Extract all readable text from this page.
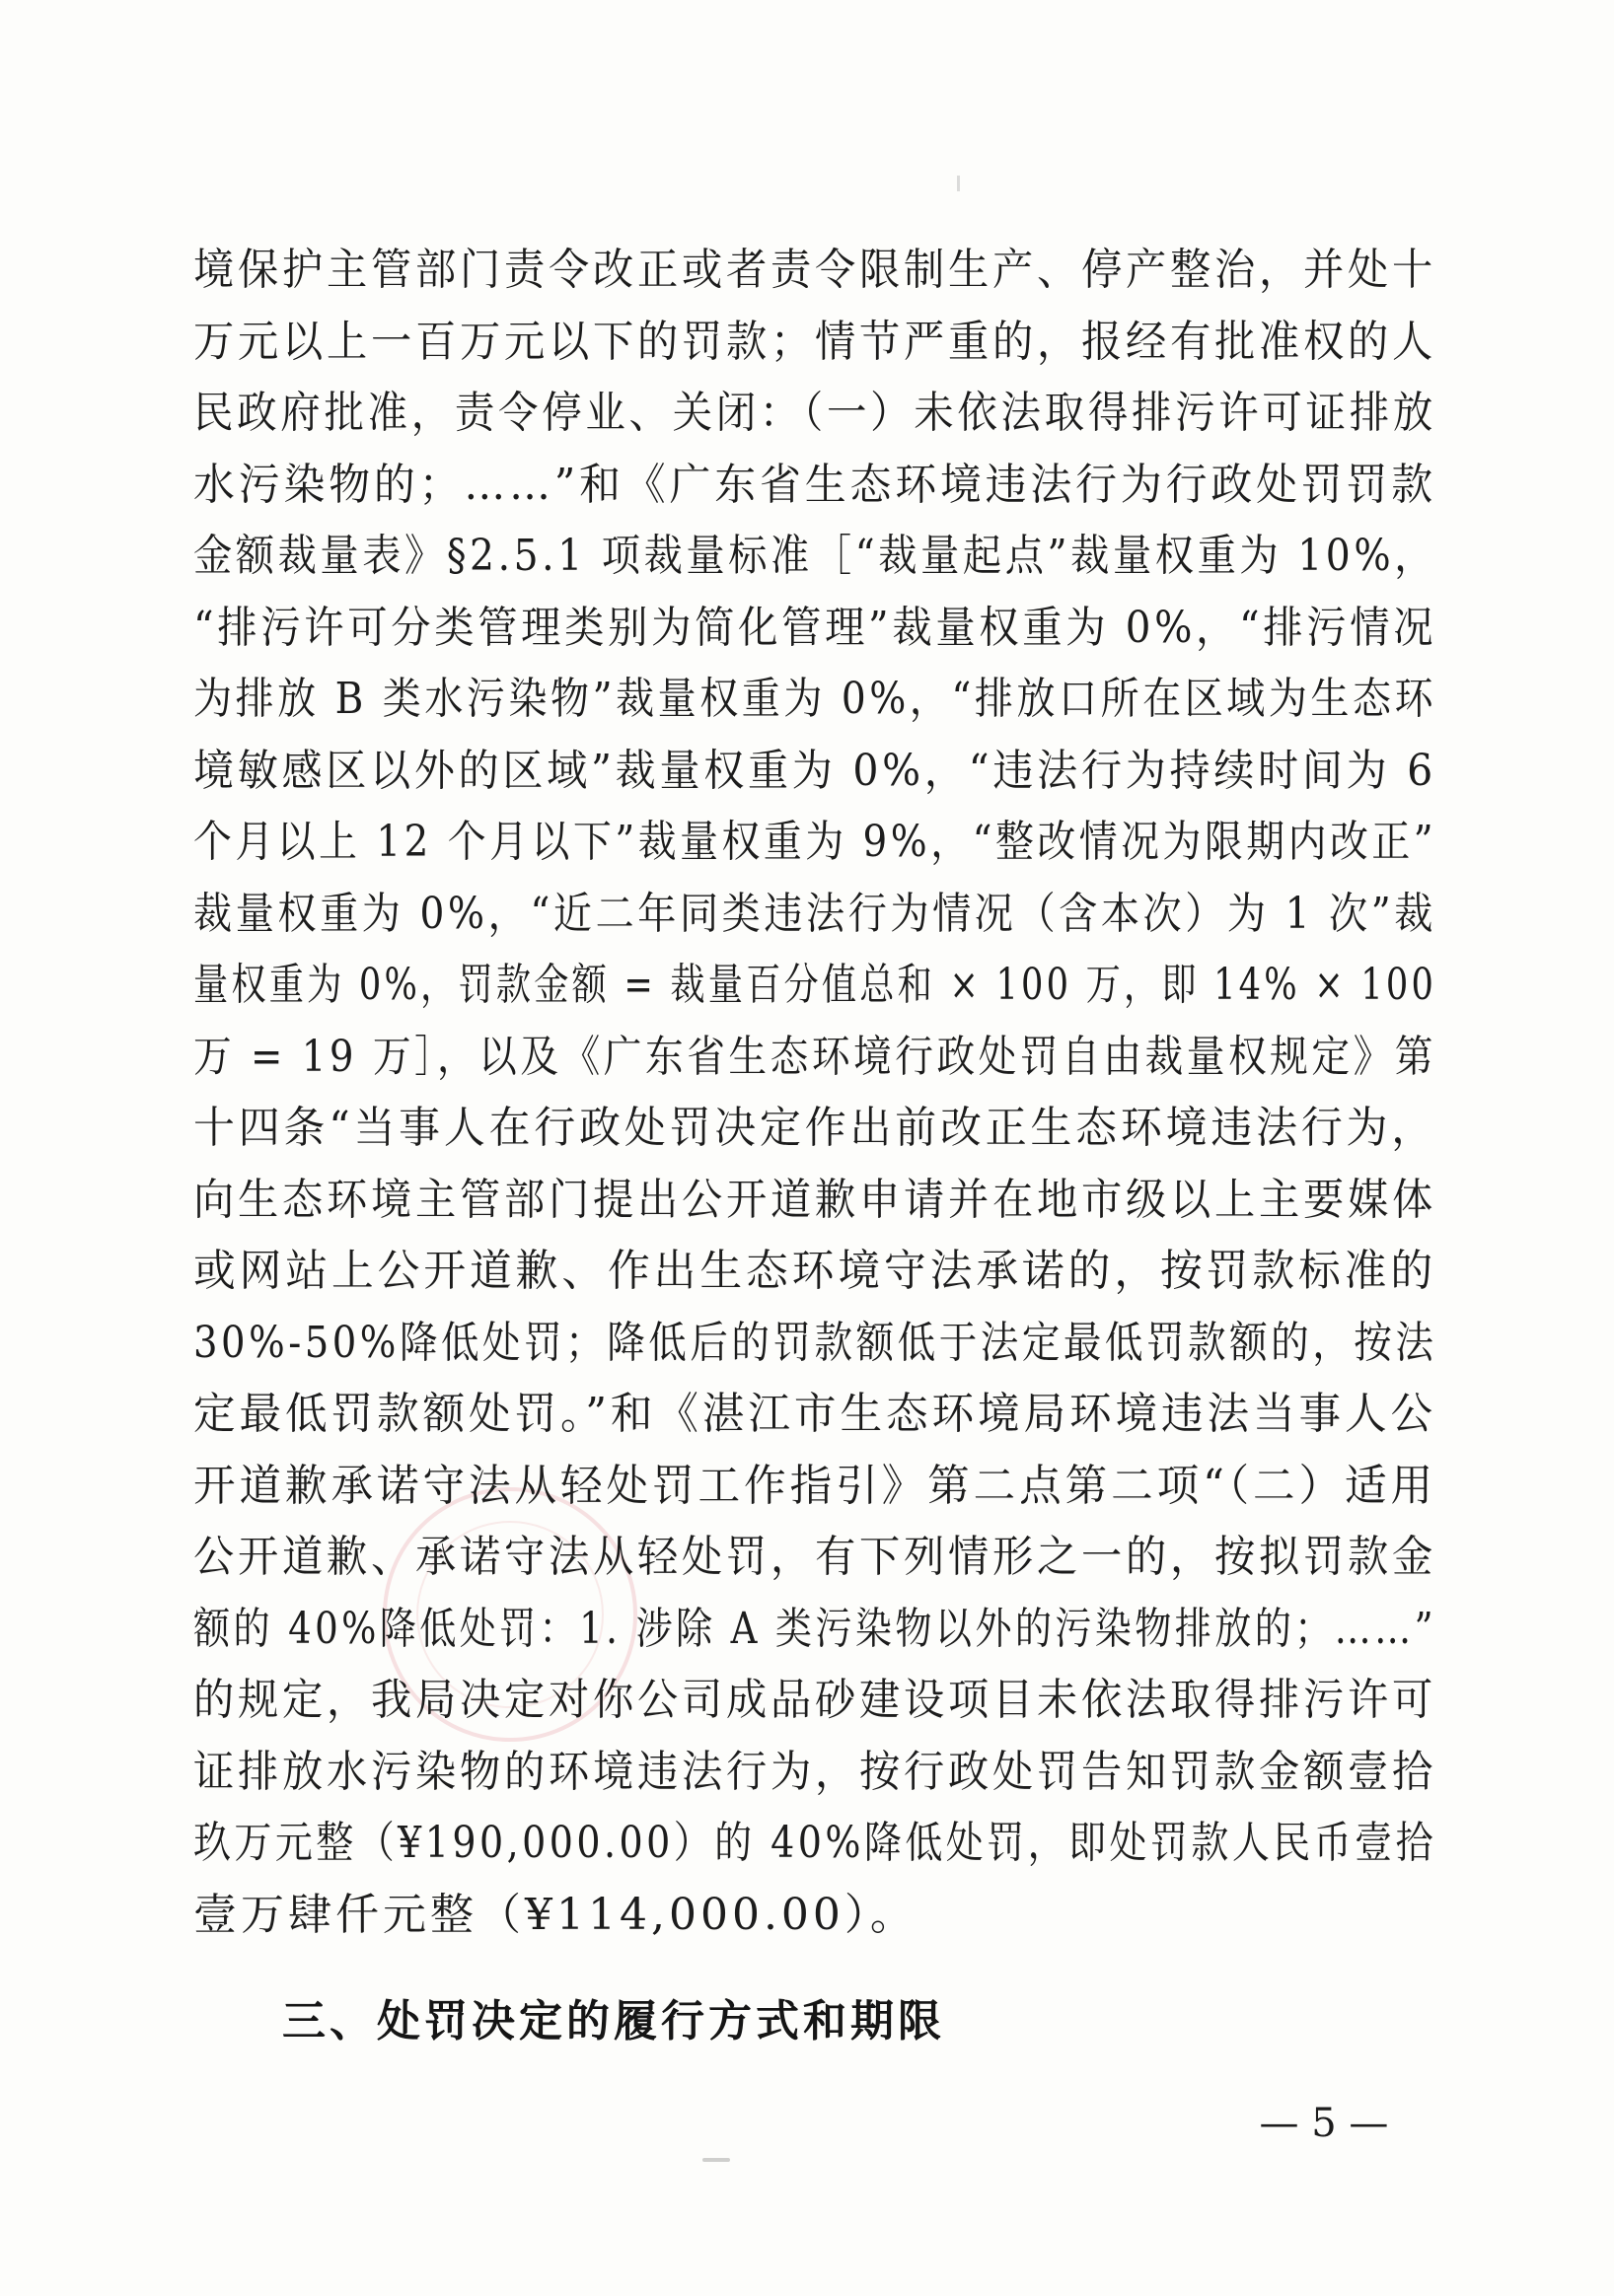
境保护主管部门责令改正或者责令限制生产、停产整治，并处十
万元以上一百万元以下的罚款；情节严重的，报经有批准权的人
民政府批准，责令停业、关闭：（一）未依法取得排污许可证排放
水污染物的；……”和《广东省生态环境违法行为行政处罚罚款
金额裁量表》§2.5.1 项裁量标准［“裁量起点”裁量权重为 10%，
“排污许可分类管理类别为简化管理”裁量权重为 0%，“排污情况
为排放 B 类水污染物”裁量权重为 0%，“排放口所在区域为生态环
境敏感区以外的区域”裁量权重为 0%，“违法行为持续时间为 6
个月以上 12 个月以下”裁量权重为 9%，“整改情况为限期内改正”
裁量权重为 0%，“近二年同类违法行为情况（含本次）为 1 次”裁
量权重为 0%，罚款金额 = 裁量百分值总和 × 100 万，即 14% × 100
万 = 19 万］，以及《广东省生态环境行政处罚自由裁量权规定》第
十四条“当事人在行政处罚决定作出前改正生态环境违法行为，
向生态环境主管部门提出公开道歉申请并在地市级以上主要媒体
或网站上公开道歉、作出生态环境守法承诺的，按罚款标准的
30%-50%降低处罚；降低后的罚款额低于法定最低罚款额的，按法
定最低罚款额处罚。”和《湛江市生态环境局环境违法当事人公
开道歉承诺守法从轻处罚工作指引》第二点第二项“（二）适用
公开道歉、承诺守法从轻处罚，有下列情形之一的，按拟罚款金
额的 40%降低处罚：1. 涉除 A 类污染物以外的污染物排放的；……”
的规定，我局决定对你公司成品砂建设项目未依法取得排污许可
证排放水污染物的环境违法行为，按行政处罚告知罚款金额壹拾
玖万元整（¥190,000.00）的 40%降低处罚，即处罚款人民币壹拾
壹万肆仟元整（¥114,000.00）。
三、处罚决定的履行方式和期限
— 5 —
